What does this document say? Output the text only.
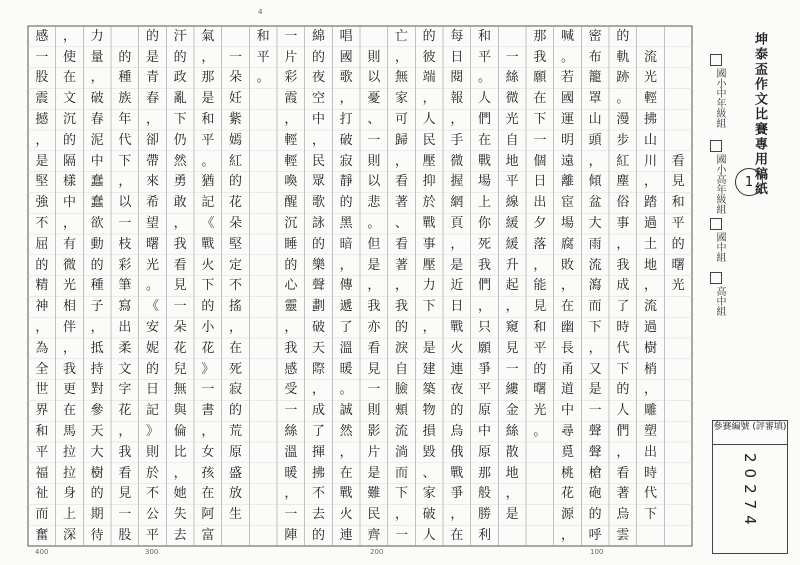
4
看
見
和
平
的
曙
光
流
光
輕
拂
山
川
，
踏
過
土
地
，
流
過
樹
梢
，
雕
塑
出
時
代
下
的
軌
跡
。
漫
步
紅
塵
俗
事
，
我
成
了
時
代
下
的
人
們
，
看
著
烏
雲
密
布
籠
罩
山
頭
，
傾
盆
大
雨
流
瀉
而
下
，
又
是
一
聲
聲
槍
砲
的
呼
喊
。
若
國
運
明
遠
離
宦
場
腐
敗
，
在
幽
長
甬
道
中
尋
覓
桃
花
源
，
那
我
願
在
下
一
個
日
出
夕
落
，
能
見
和
平
的
曙
光
。
一
絲
微
光
自
地
平
線
緩
緩
升
起
，
窺
見
一
縷
金
絲
散
地
，
是
和
平
。
人
們
在
戰
場
上
你
死
我
們
，
只
願
爭
平
原
中
原
那
般
勝
利
每
日
閱
報
，
手
微
握
網
頁
，
是
近
日
戰
火
連
夜
的
烏
俄
戰
爭
，
在
的
彼
端
，
人
民
壓
抑
於
戰
事
壓
力
下
，
是
建
築
物
損
毀
、
家
破
人
亡
，
無
家
可
歸
，
看
著
、
看
著
，
我
的
淚
自
臉
頰
流
淌
而
下
，
一
則
以
憂
、
一
則
以
悲
。
但
是
，
我
亦
看
見
一
則
影
片
是
難
民
齊
唱
國
歌
，
打
破
寂
靜
的
黑
暗
，
傳
遞
了
溫
暖
。
誠
然
，
在
戰
火
連
綿
的
夜
空
中
，
民
眾
歌
詠
的
樂
聲
劃
破
天
際
，
成
了
揮
拂
不
去
的
一
片
彩
霞
，
輕
輕
喚
醒
沉
睡
的
心
靈
，
我
感
受
一
絲
溫
暖
，
一
陣
和
平
。
一
朵
妊
紫
嫣
紅
的
花
朵
堅
定
不
搖
，
在
死
寂
的
荒
原
盛
放
生
氣
，
那
是
和
平
。
猶
記
《
戰
火
下
的
小
花
》
一
書
，
女
孩
在
阿
富
汗
的
政
亂
下
仍
然
勇
敢
，
我
看
見
一
朵
花
兒
無
與
倫
比
，
她
失
去
的
是
青
春
，
卻
帶
來
希
望
曙
光
。
《
安
妮
的
日
記
》
則
於
不
公
平
的
種
族
年
代
下
，
以
一
枝
彩
筆
寫
出
柔
文
字
花
，
我
看
見
一
股
力
量
，
破
春
泥
中
蠢
蠢
欲
動
的
種
子
，
抵
持
對
參
天
大
樹
的
期
待
，
使
在
文
沉
的
隔
樣
中
，
有
微
光
相
伴
，
我
更
在
馬
拉
拉
身
上
深
感
一
股
震
撼
，
是
堅
強
不
屈
的
精
神
，
為
全
世
界
和
平
福
祉
而
奮
坤泰盃作文比賽專用稿紙
1
國小中年級組
國小高年級組
國中組
高中組
參賽編號 (評審填)
20274
400	300	200	100
